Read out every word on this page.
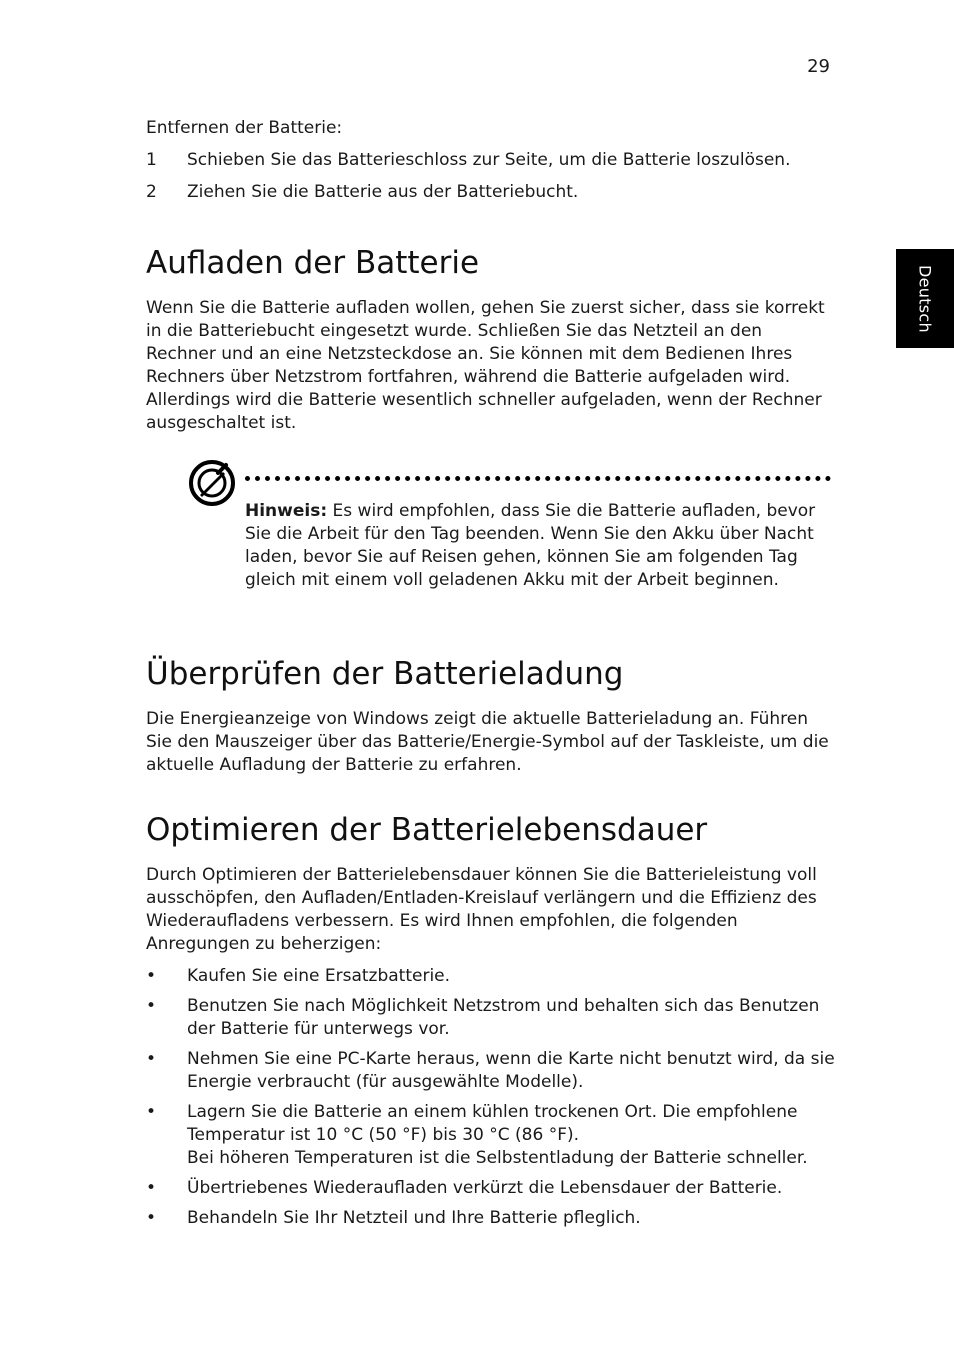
29
Deutsch

Entfernen der Batterie:

1 Schieben Sie das Batterieschloss zur Seite, um die Batterie loszulösen.
2 Ziehen Sie die Batterie aus der Batteriebucht.
Aufladen der Batterie

Wenn Sie die Batterie aufladen wollen, gehen Sie zuerst sicher, dass sie korrekt in die Batteriebucht eingesetzt wurde. Schließen Sie das Netzteil an den Rechner und an eine Netzsteckdose an. Sie können mit dem Bedienen Ihres Rechners über Netzstrom fortfahren, während die Batterie aufgeladen wird. Allerdings wird die Batterie wesentlich schneller aufgeladen, wenn der Rechner ausgeschaltet ist.

Hinweis: Es wird empfohlen, dass Sie die Batterie aufladen, bevor Sie die Arbeit für den Tag beenden. Wenn Sie den Akku über Nacht laden, bevor Sie auf Reisen gehen, können Sie am folgenden Tag gleich mit einem voll geladenen Akku mit der Arbeit beginnen.

Überprüfen der Batterieladung

Die Energieanzeige von Windows zeigt die aktuelle Batterieladung an. Führen Sie den Mauszeiger über das Batterie/Energie-Symbol auf der Taskleiste, um die aktuelle Aufladung der Batterie zu erfahren.

Optimieren der Batterielebensdauer

Durch Optimieren der Batterielebensdauer können Sie die Batterieleistung voll ausschöpfen, den Aufladen/Entladen-Kreislauf verlängern und die Effizienz des Wiederaufladens verbessern. Es wird Ihnen empfohlen, die folgenden Anregungen zu beherzigen:

• Kaufen Sie eine Ersatzbatterie.
• Benutzen Sie nach Möglichkeit Netzstrom und behalten sich das Benutzen der Batterie für unterwegs vor.
• Nehmen Sie eine PC-Karte heraus, wenn die Karte nicht benutzt wird, da sie Energie verbraucht (für ausgewählte Modelle).
• Lagern Sie die Batterie an einem kühlen trockenen Ort. Die empfohlene Temperatur ist 10 °C (50 °F) bis 30 °C (86 °F).
Bei höheren Temperaturen ist die Selbstentladung der Batterie schneller.
• Übertriebenes Wiederaufladen verkürzt die Lebensdauer der Batterie.
• Behandeln Sie Ihr Netzteil und Ihre Batterie pfleglich.
